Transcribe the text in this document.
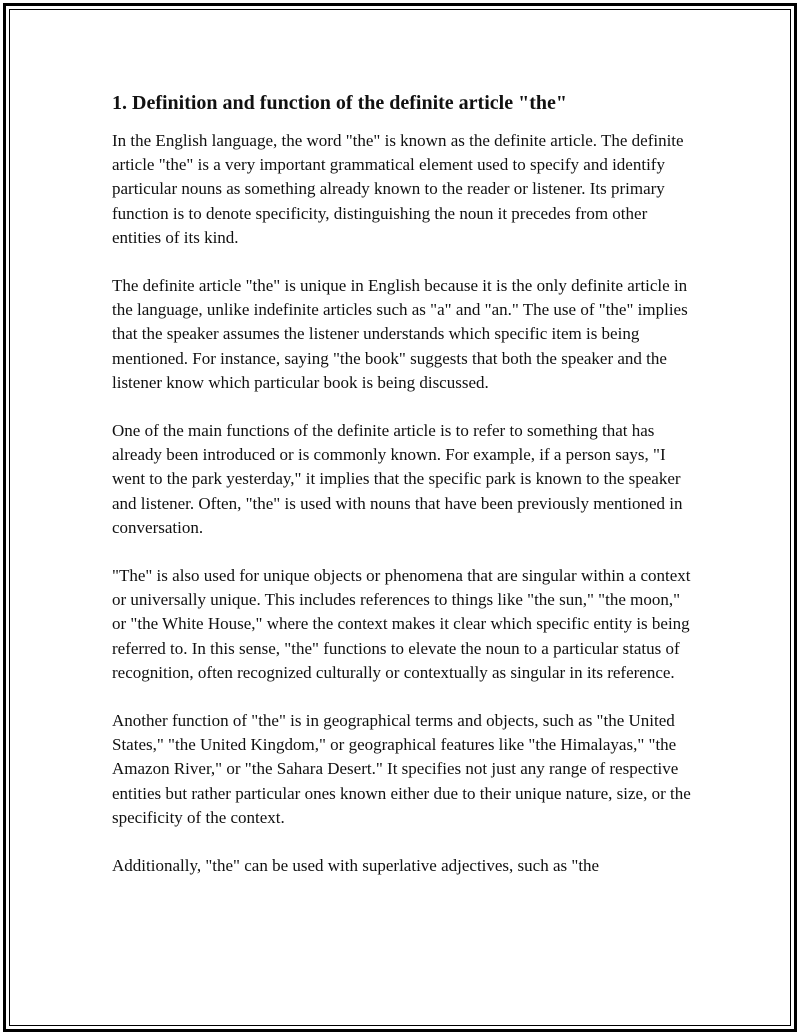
1. Definition and function of the definite article "the"

In the English language, the word "the" is known as the definite article. The definite article "the" is a very important grammatical element used to specify and identify particular nouns as something already known to the reader or listener. Its primary function is to denote specificity, distinguishing the noun it precedes from other entities of its kind.

The definite article "the" is unique in English because it is the only definite article in the language, unlike indefinite articles such as "a" and "an." The use of "the" implies that the speaker assumes the listener understands which specific item is being mentioned. For instance, saying "the book" suggests that both the speaker and the listener know which particular book is being discussed.

One of the main functions of the definite article is to refer to something that has already been introduced or is commonly known. For example, if a person says, "I went to the park yesterday," it implies that the specific park is known to the speaker and listener. Often, "the" is used with nouns that have been previously mentioned in conversation.

"The" is also used for unique objects or phenomena that are singular within a context or universally unique. This includes references to things like "the sun," "the moon," or "the White House," where the context makes it clear which specific entity is being referred to. In this sense, "the" functions to elevate the noun to a particular status of recognition, often recognized culturally or contextually as singular in its reference.

Another function of "the" is in geographical terms and objects, such as "the United States," "the United Kingdom," or geographical features like "the Himalayas," "the Amazon River," or "the Sahara Desert." It specifies not just any range of respective entities but rather particular ones known either due to their unique nature, size, or the specificity of the context.

Additionally, "the" can be used with superlative adjectives, such as "the
